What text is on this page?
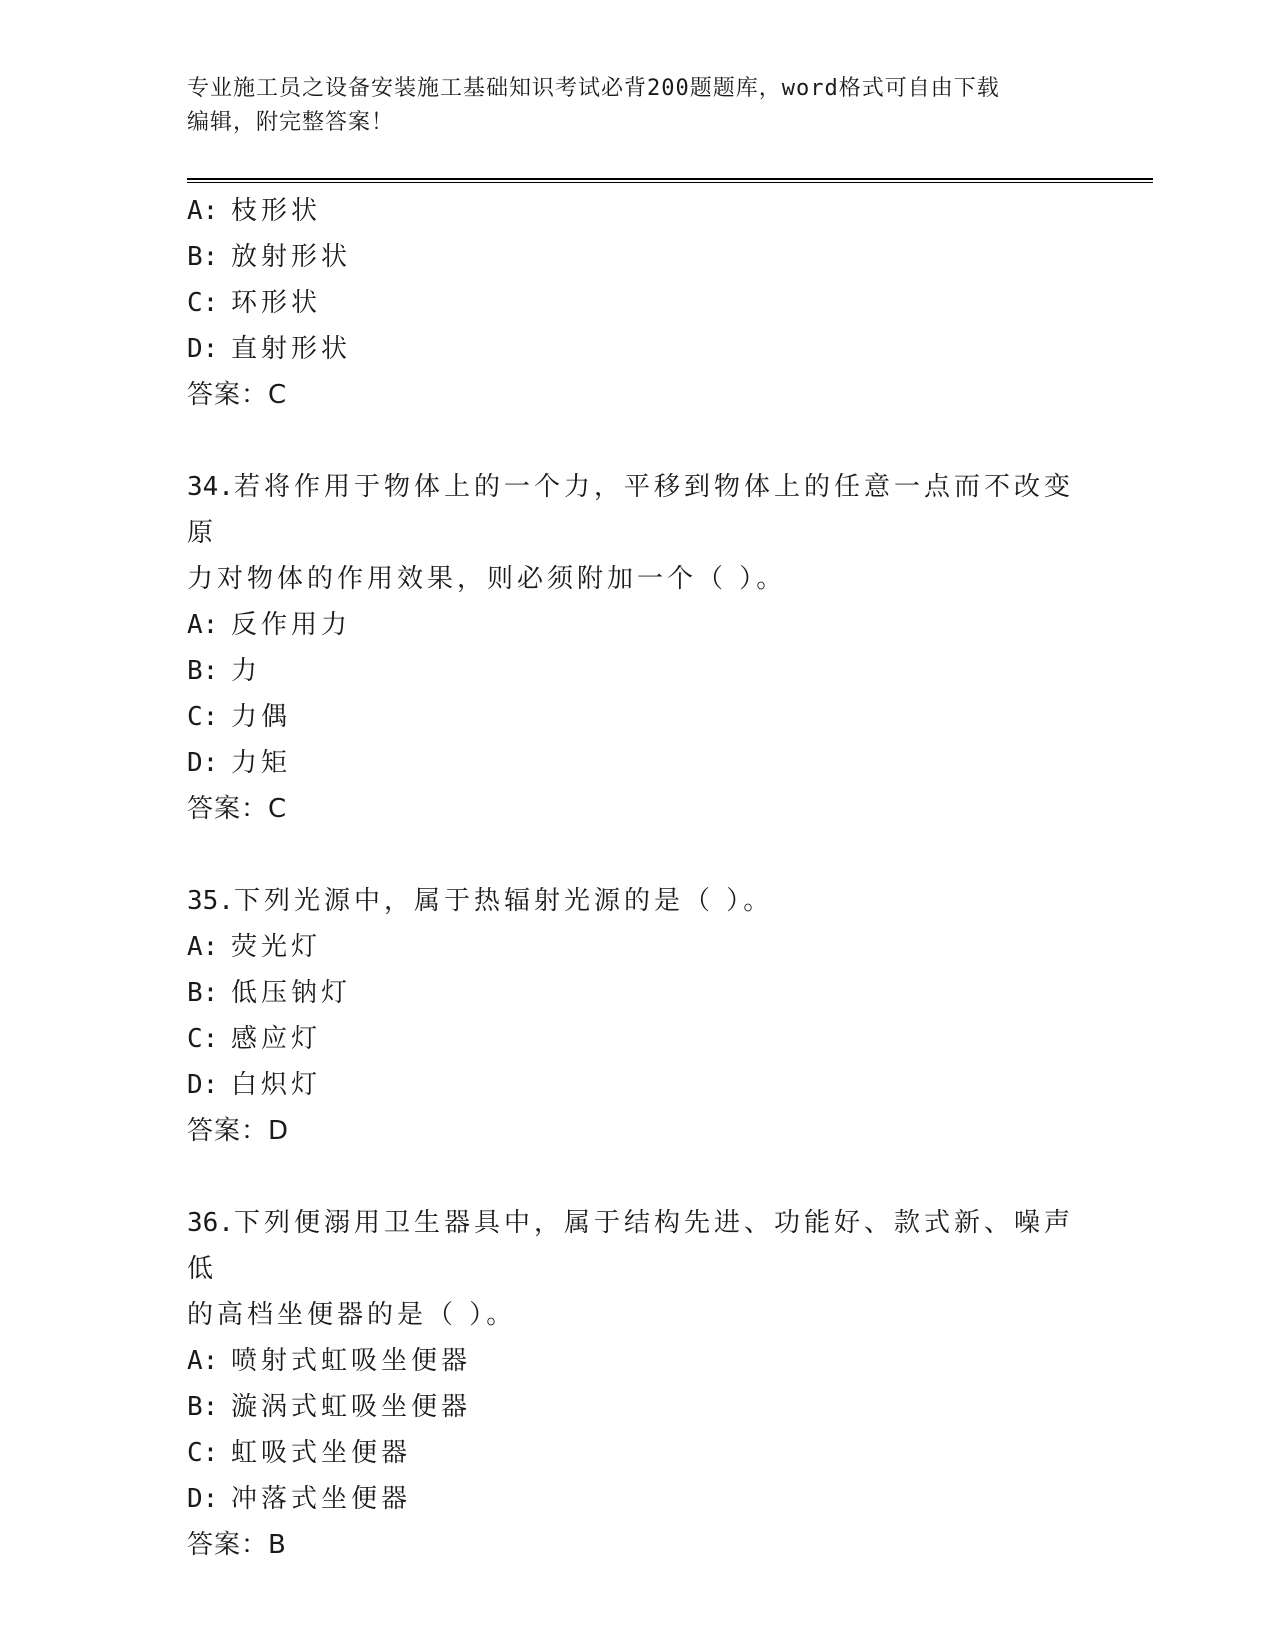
专业施工员之设备安装施工基础知识考试必背200题题库，word格式可自由下载
编辑，附完整答案！
A: 枝形状
B: 放射形状
C: 环形状
D: 直射形状
答案：C
34.若将作用于物体上的一个力，平移到物体上的任意一点而不改变原
力对物体的作用效果，则必须附加一个（ ）。
A: 反作用力
B: 力
C: 力偶
D: 力矩
答案：C
35.下列光源中，属于热辐射光源的是（ ）。
A: 荧光灯
B: 低压钠灯
C: 感应灯
D: 白炽灯
答案：D
36.下列便溺用卫生器具中，属于结构先进、功能好、款式新、噪声低
的高档坐便器的是（ ）。
A: 喷射式虹吸坐便器
B: 漩涡式虹吸坐便器
C: 虹吸式坐便器
D: 冲落式坐便器
答案：B
